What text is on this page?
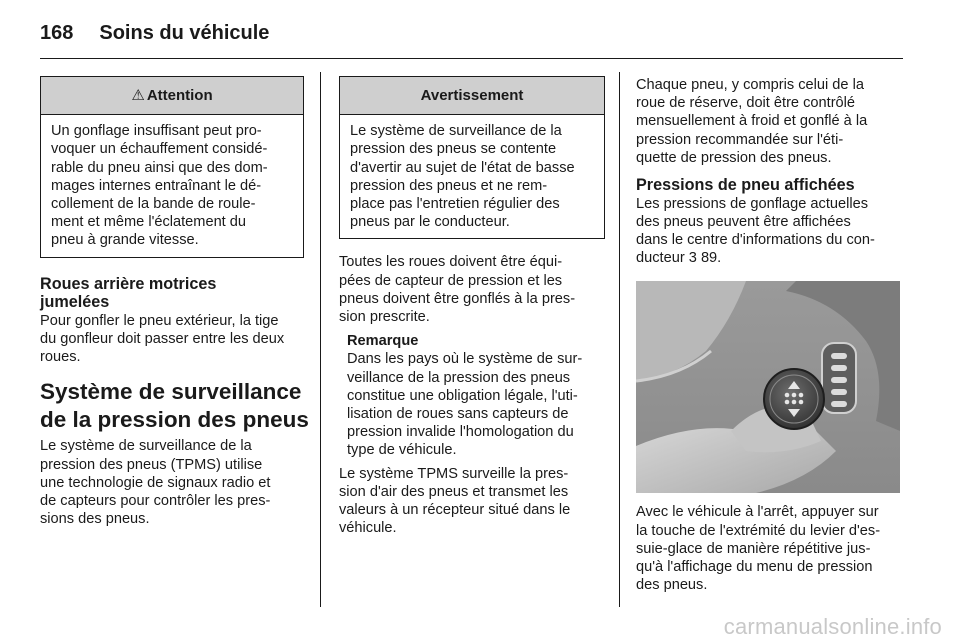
168 Soins du véhicule
⚠ Attention
Un gonflage insuffisant peut pro-
voquer un échauffement considé-
rable du pneu ainsi que des dom-
mages internes entraînant le dé-
collement de la bande de roule-
ment et même l'éclatement du
pneu à grande vitesse.
Roues arrière motrices
jumelées
Pour gonfler le pneu extérieur, la tige
du gonfleur doit passer entre les deux
roues.
Système de surveillance
de la pression des pneus
Le système de surveillance de la
pression des pneus (TPMS) utilise
une technologie de signaux radio et
de capteurs pour contrôler les pres-
sions des pneus.
Avertissement
Le système de surveillance de la
pression des pneus se contente
d'avertir au sujet de l'état de basse
pression des pneus et ne rem-
place pas l'entretien régulier des
pneus par le conducteur.
Toutes les roues doivent être équi-
pées de capteur de pression et les
pneus doivent être gonflés à la pres-
sion prescrite.
Remarque
Dans les pays où le système de sur-
veillance de la pression des pneus
constitue une obligation légale, l'uti-
lisation de roues sans capteurs de
pression invalide l'homologation du
type de véhicule.
Le système TPMS surveille la pres-
sion d'air des pneus et transmet les
valeurs à un récepteur situé dans le
véhicule.
Chaque pneu, y compris celui de la
roue de réserve, doit être contrôlé
mensuellement à froid et gonflé à la
pression recommandée sur l'éti-
quette de pression des pneus.
Pressions de pneu affichées
Les pressions de gonflage actuelles
des pneus peuvent être affichées
dans le centre d'informations du con-
ducteur 3 89.
Avec le véhicule à l'arrêt, appuyer sur
la touche de l'extrémité du levier d'es-
suie-glace de manière répétitive jus-
qu'à l'affichage du menu de pression
des pneus.
carmanualsonline.info
